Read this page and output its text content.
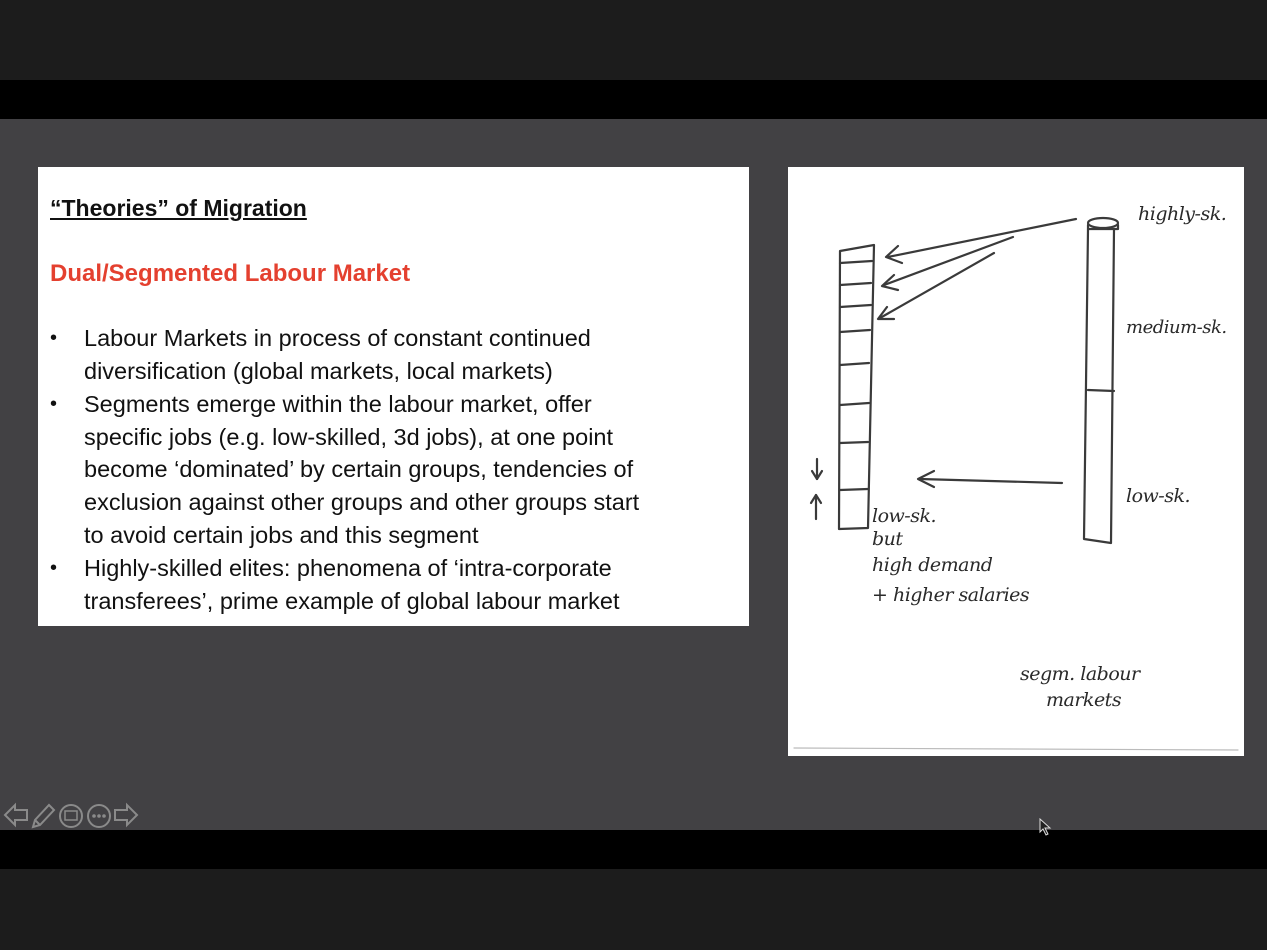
“Theories” of Migration
Dual/Segmented Labour Market
•	Labour Markets in process of constant continued
diversification (global markets, local markets)
•	Segments emerge within the labour market, offer
specific jobs (e.g. low-skilled, 3d jobs), at one point
become ‘dominated’ by certain groups, tendencies of
exclusion against other groups and other groups start
to avoid certain jobs and this segment
•	Highly-skilled elites: phenomena of ‘intra-corporate
transferees’, prime example of global labour market
highly-sk.
medium-sk.
low-sk.
low-sk.
but
high demand
+ higher salaries
segm. labour
markets
